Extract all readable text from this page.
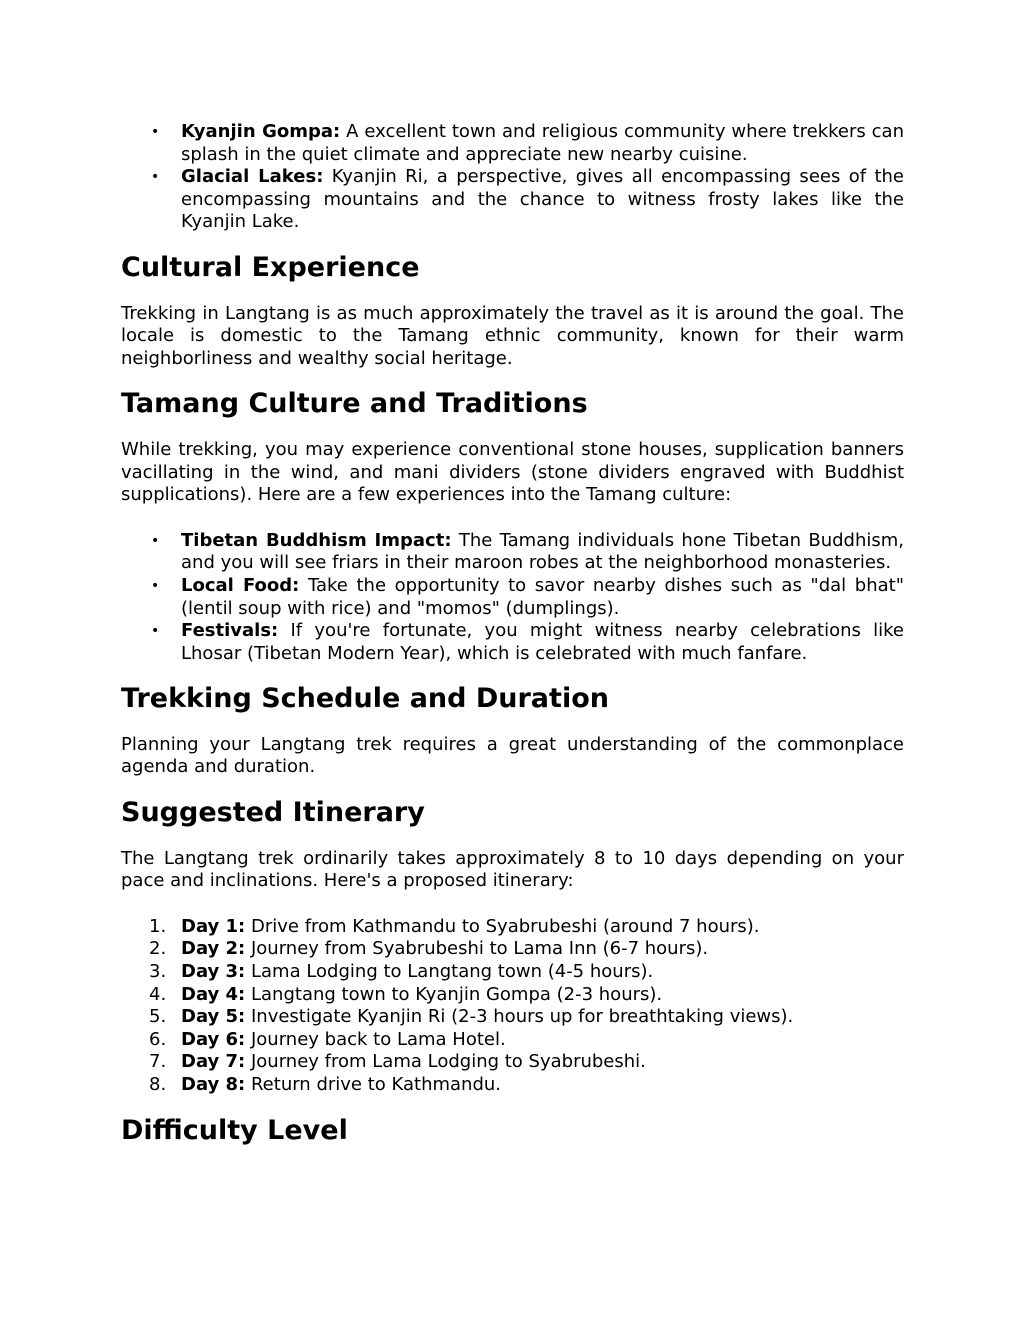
•	Kyanjin Gompa: A excellent town and religious community where trekkers can splash in the quiet climate and appreciate new nearby cuisine.
•	Glacial Lakes: Kyanjin Ri, a perspective, gives all encompassing sees of the encompassing mountains and the chance to witness frosty lakes like the Kyanjin Lake.
Cultural Experience

Trekking in Langtang is as much approximately the travel as it is around the goal. The locale is domestic to the Tamang ethnic community, known for their warm neighborliness and wealthy social heritage.

Tamang Culture and Traditions

While trekking, you may experience conventional stone houses, supplication banners vacillating in the wind, and mani dividers (stone dividers engraved with Buddhist supplications). Here are a few experiences into the Tamang culture:

•	Tibetan Buddhism Impact: The Tamang individuals hone Tibetan Buddhism, and you will see friars in their maroon robes at the neighborhood monasteries.
•	Local Food: Take the opportunity to savor nearby dishes such as "dal bhat" (lentil soup with rice) and "momos" (dumplings).
•	Festivals: If you're fortunate, you might witness nearby celebrations like Lhosar (Tibetan Modern Year), which is celebrated with much fanfare.
Trekking Schedule and Duration

Planning your Langtang trek requires a great understanding of the commonplace agenda and duration.

Suggested Itinerary

The Langtang trek ordinarily takes approximately 8 to 10 days depending on your pace and inclinations. Here's a proposed itinerary:

1. Day 1: Drive from Kathmandu to Syabrubeshi (around 7 hours).
2. Day 2: Journey from Syabrubeshi to Lama Inn (6-7 hours).
3. Day 3: Lama Lodging to Langtang town (4-5 hours).
4. Day 4: Langtang town to Kyanjin Gompa (2-3 hours).
5. Day 5: Investigate Kyanjin Ri (2-3 hours up for breathtaking views).
6. Day 6: Journey back to Lama Hotel.
7. Day 7: Journey from Lama Lodging to Syabrubeshi.
8. Day 8: Return drive to Kathmandu.
Difficulty Level
